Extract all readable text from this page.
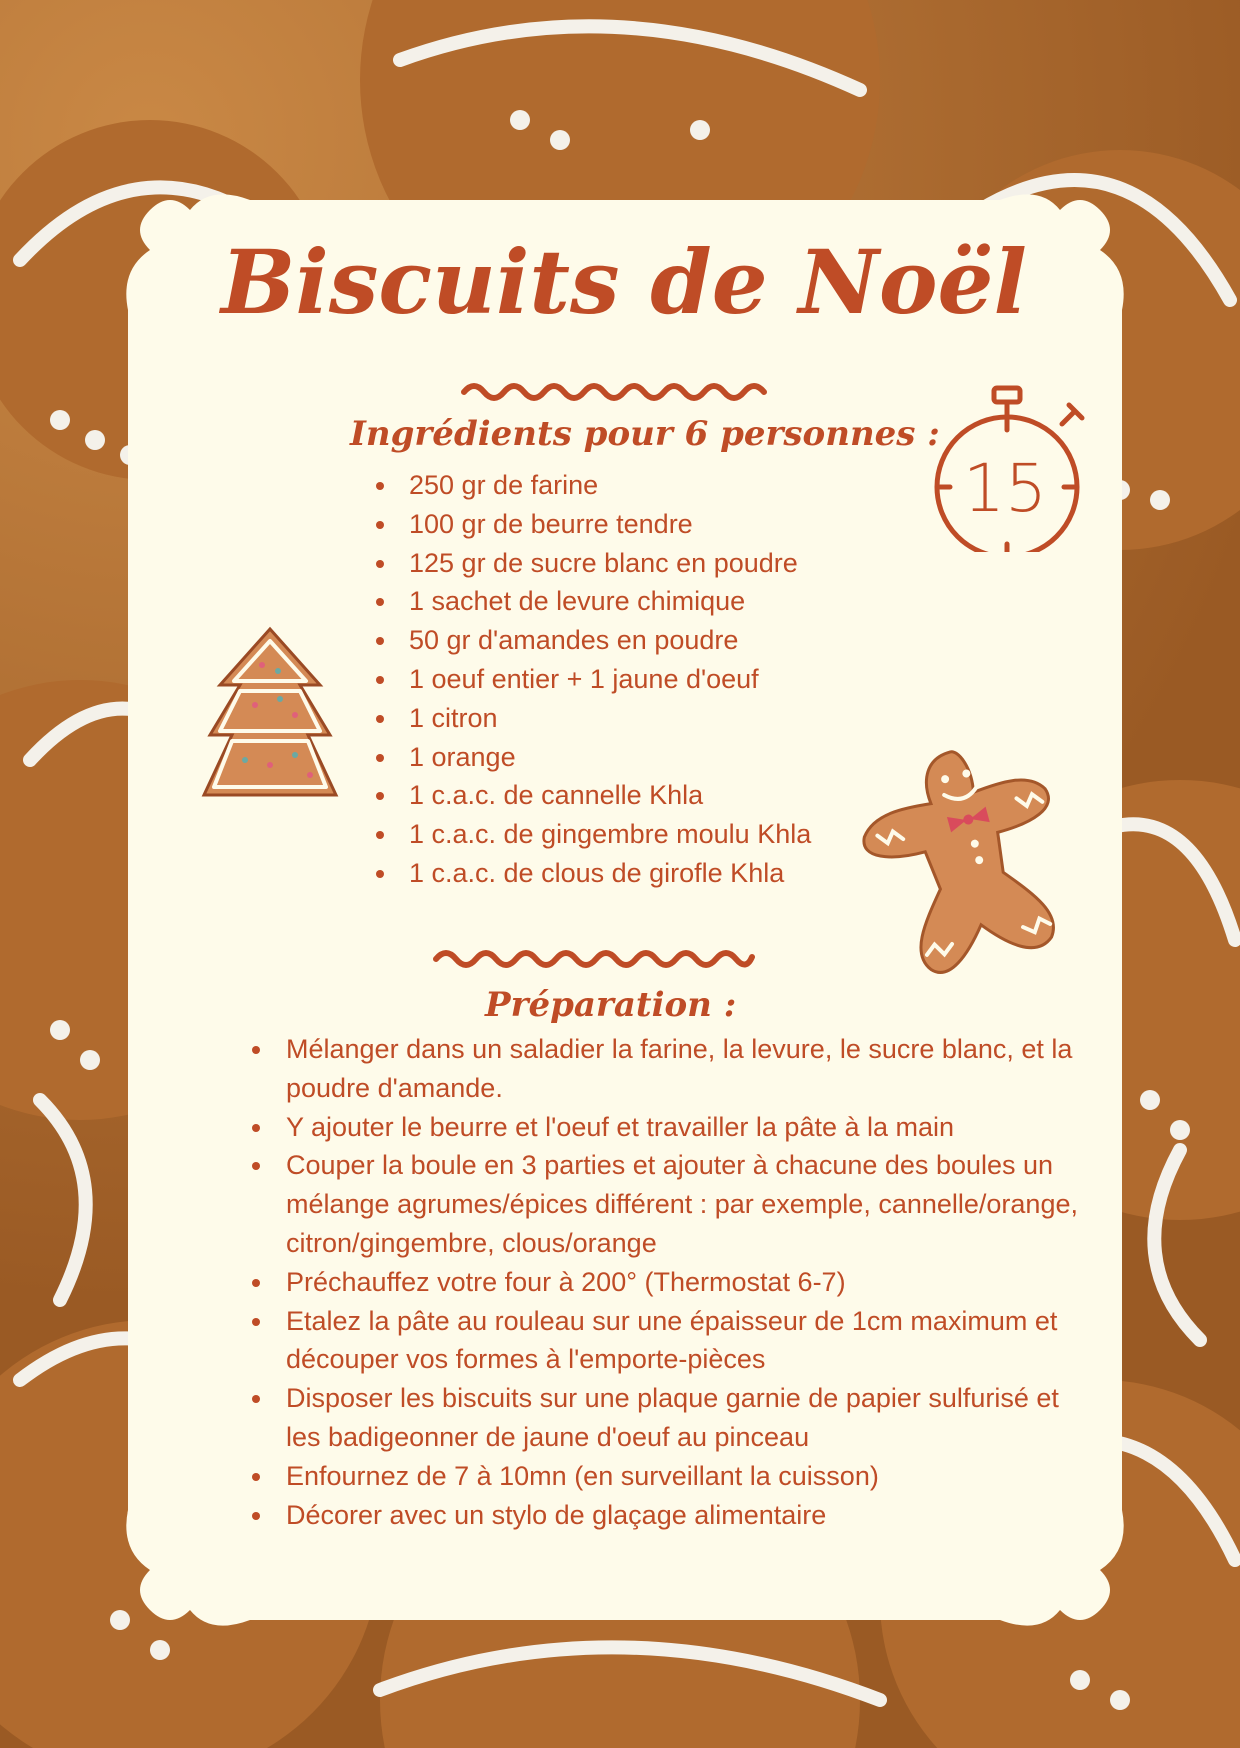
Biscuits de Noël
Ingrédients pour 6 personnes :
250 gr de farine
100 gr de beurre tendre
125 gr de sucre blanc en poudre
1 sachet de levure chimique
50 gr d'amandes en poudre
1 oeuf entier + 1 jaune d'oeuf
1 citron
1 orange
1 c.a.c. de cannelle Khla
1 c.a.c. de gingembre moulu Khla
1 c.a.c. de clous de girofle Khla
15
Préparation :
Mélanger dans un saladier la farine, la levure, le sucre blanc, et la poudre d'amande.
Y ajouter le beurre et l'oeuf et travailler la pâte à la main
Couper la boule en 3 parties et ajouter à chacune des boules un mélange agrumes/épices différent : par exemple, cannelle/orange, citron/gingembre, clous/orange
Préchauffez votre four à 200° (Thermostat 6-7)
Etalez la pâte au rouleau sur une épaisseur de 1cm maximum et découper vos formes à l'emporte-pièces
Disposer les biscuits sur une plaque garnie de papier sulfurisé et les badigeonner de jaune d'oeuf au pinceau
Enfournez de 7 à 10mn (en surveillant la cuisson)
Décorer avec un stylo de glaçage alimentaire
